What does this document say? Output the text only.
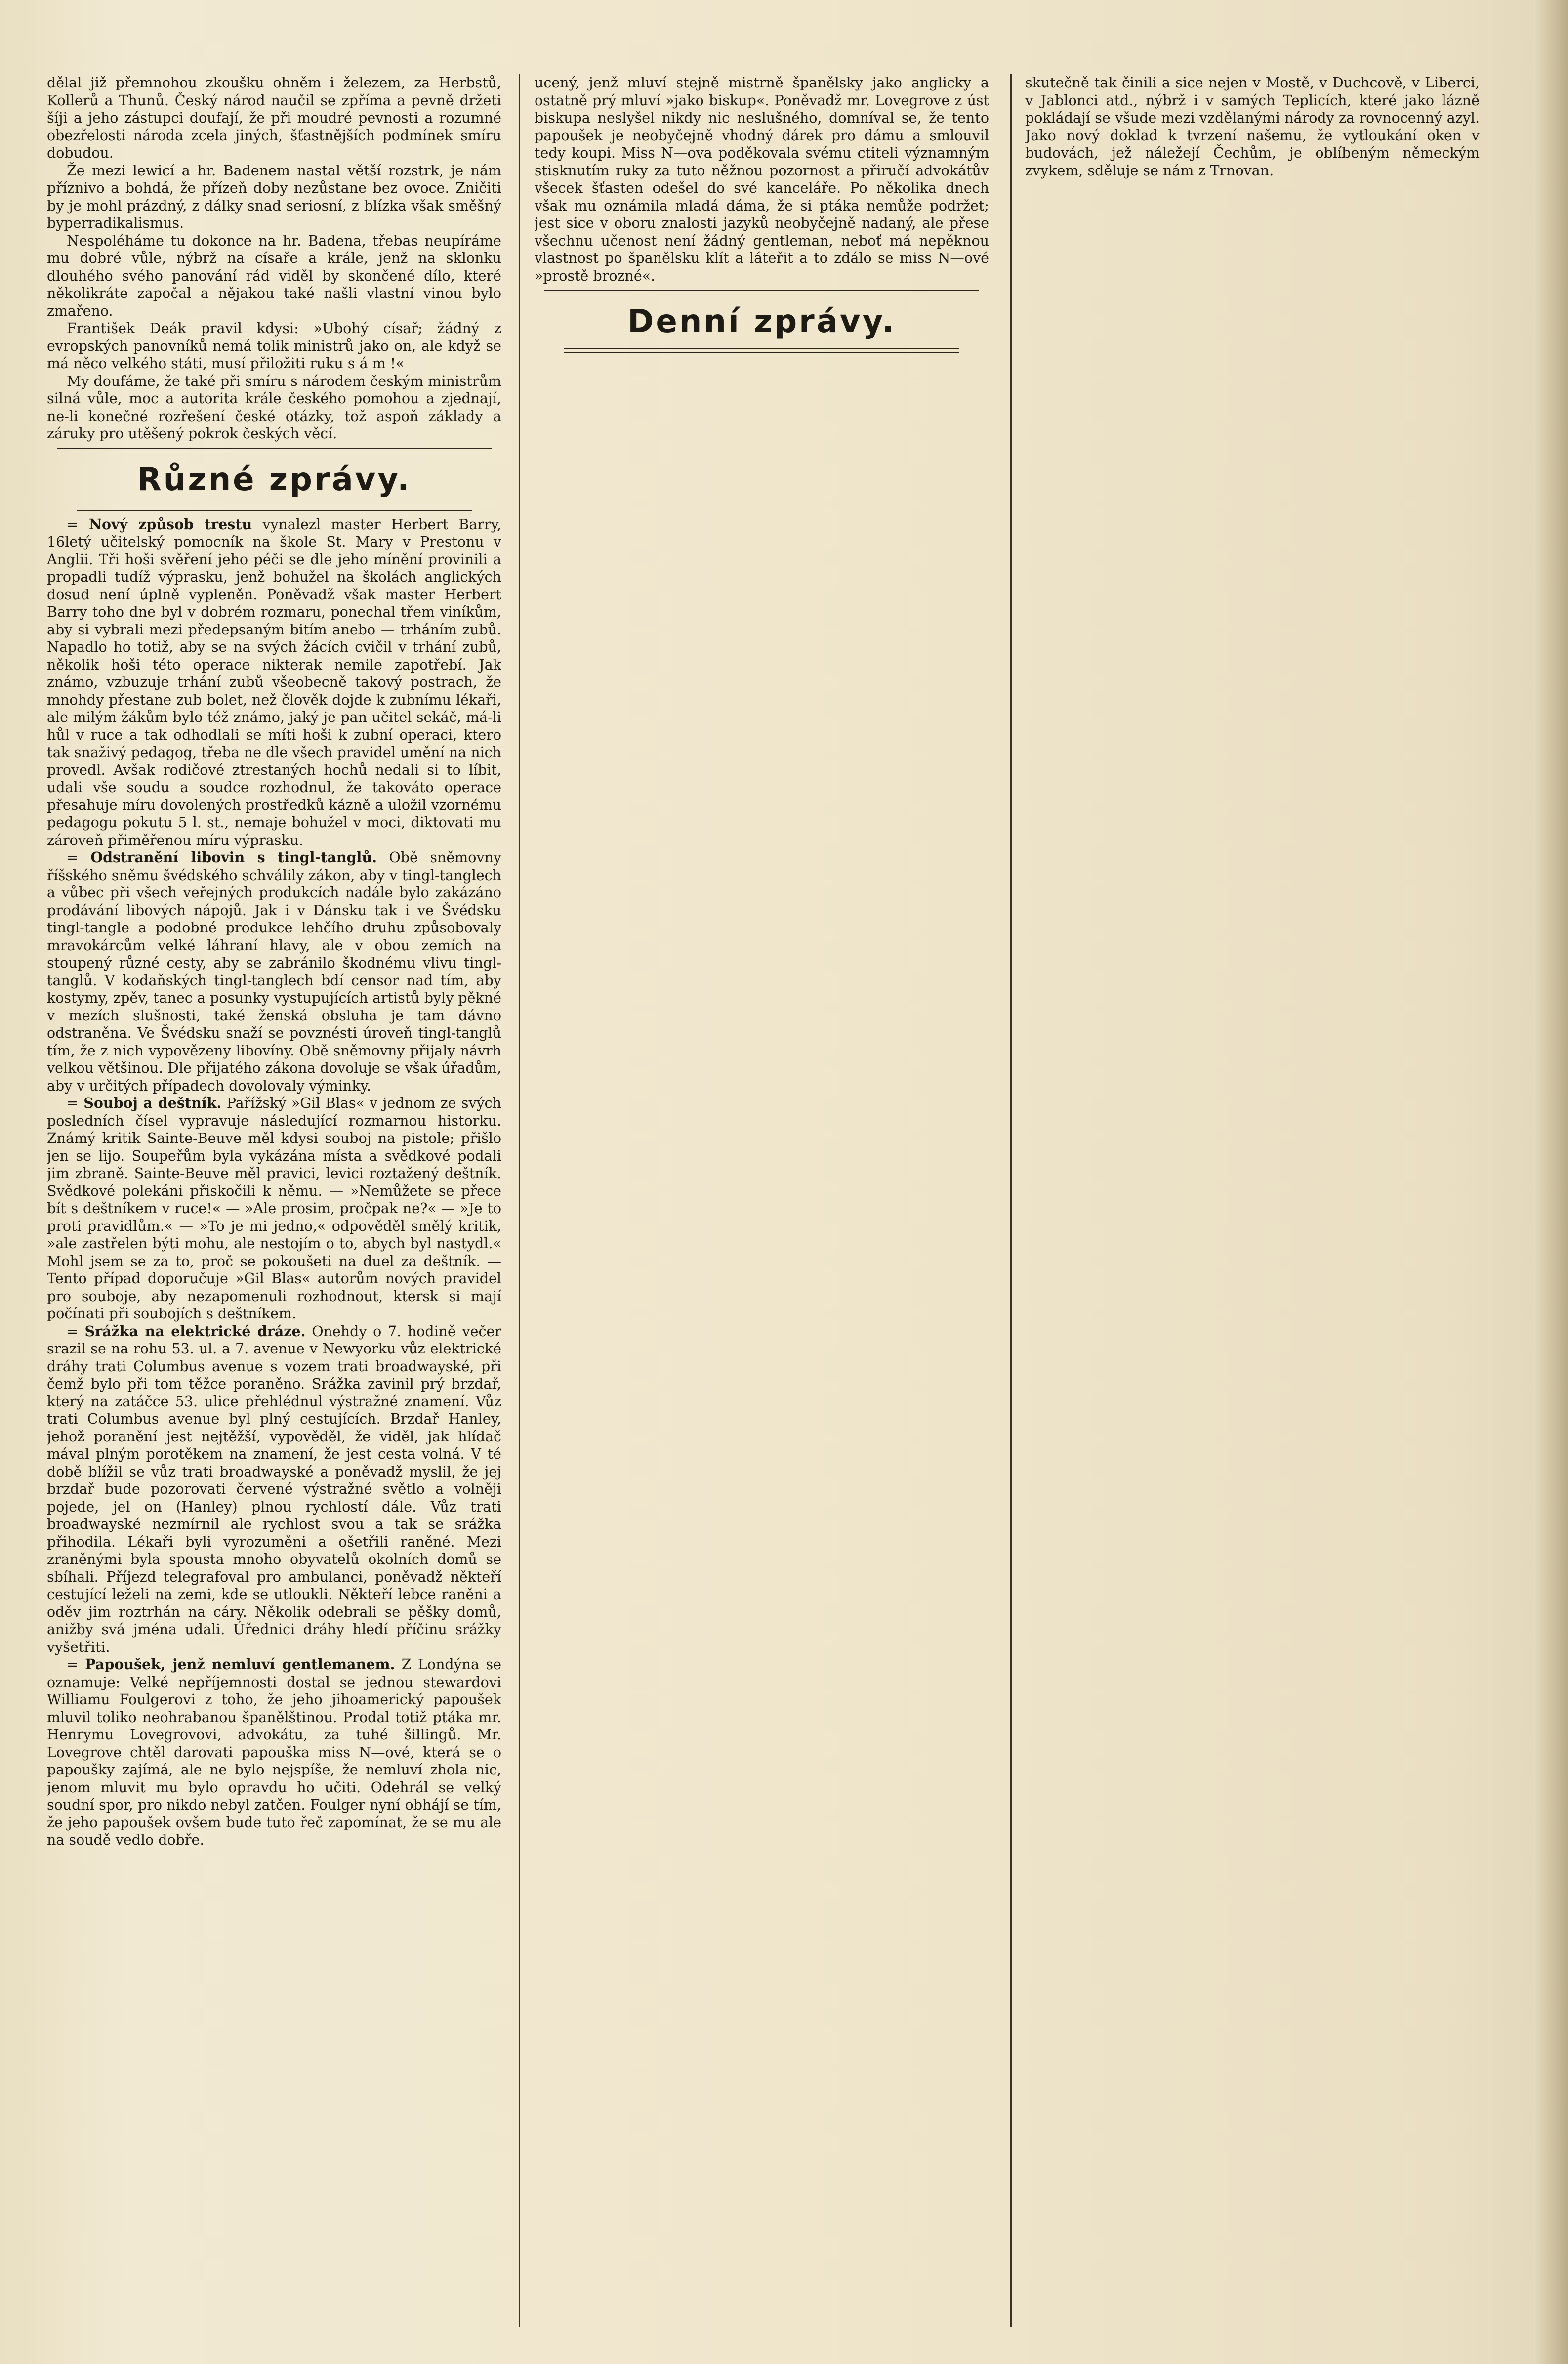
dělal již přemnohou zkoušku ohněm i železem, za Herbstů, Kollerů a Thunů. Český národ naučil se zpříma a pevně držeti šíji a jeho zástupci doufají, že při moudré pevnosti a rozumné obezřelosti národa zcela jiných, šťastnějších podmínek smíru dobudou.

Že mezi lewicí a hr. Badenem nastal větší rozstrk, je nám příznivo a bohdá, že přízeň doby nezůstane bez ovoce. Zničiti by je mohl prázdný, z dálky snad seriosní, z blízka však směšný byperradikalismus.

Nespoléháme tu dokonce na hr. Badena, třebas neupíráme mu dobré vůle, nýbrž na císaře a krále, jenž na sklonku dlouhého svého panování rád viděl by skončené dílo, které několikráte započal a nějakou také našli vlastní vinou bylo zmařeno.

František Deák pravil kdysi: »Ubohý císař; žádný z evropských panovníků nemá tolik ministrů jako on, ale když se má něco velkého státi, musí přiložiti ruku s á m !«

My doufáme, že také při smíru s národem českým ministrům silná vůle, moc a autorita krále českého pomohou a zjednají, ne-li konečné rozřešení české otázky, tož aspoň základy a záruky pro utěšený pokrok českých věcí.

Různé zprávy.

= Nový způsob trestu vynalezl master Herbert Barry, 16letý učitelský pomocník na škole St. Mary v Prestonu v Anglii. Tři hoši svěření jeho péči se dle jeho mínění provinili a propadli tudíž výprasku, jenž bohužel na školách anglických dosud není úplně vypleněn. Poněvadž však master Herbert Barry toho dne byl v dobrém rozmaru, ponechal třem viníkům, aby si vybrali mezi předepsaným bitím anebo — trháním zubů. Napadlo ho totiž, aby se na svých žácích cvičil v trhání zubů, několik hoši této operace nikterak nemile zapotřebí. Jak známo, vzbuzuje trhání zubů všeobecně takový postrach, že mnohdy přestane zub bolet, než člověk dojde k zubnímu lékaři, ale milým žákům bylo též známo, jaký je pan učitel sekáč, má-li hůl v ruce a tak odhodlali se míti hoši k zubní operaci, ktero tak snaživý pedagog, třeba ne dle všech pravidel umění na nich provedl. Avšak rodičové ztrestaných hochů nedali si to líbit, udali vše soudu a soudce rozhodnul, že takováto operace přesahuje míru dovolených prostředků kázně a uložil vzornému pedagogu pokutu 5 l. st., nemaje bohužel v moci, diktovati mu zároveň přiměřenou míru výprasku.

= Odstranění libovin s tingl-tanglů. Obě sněmovny říšského sněmu švédského schválily zákon, aby v tingl-tanglech a vůbec při všech veřejných produkcích nadále bylo zakázáno prodávání libových nápojů. Jak i v Dánsku tak i ve Švédsku tingl-tangle a podobné produkce lehčího druhu způsobovaly mravokárcům velké láhraní hlavy, ale v obou zemích na stoupený různé cesty, aby se zabránilo škodnému vlivu tingl-tanglů. V kodaňských tingl-tanglech bdí censor nad tím, aby kostymy, zpěv, tanec a posunky vystupujících artistů byly pěkné v mezích slušnosti, také ženská obsluha je tam dávno odstraněna. Ve Švédsku snaží se povznésti úroveň tingl-tanglů tím, že z nich vypovězeny libovíny. Obě sněmovny přijaly návrh velkou většinou. Dle přijatého zákona dovoluje se však úřadům, aby v určitých případech dovolovaly výminky.

= Souboj a deštník. Pařížský »Gil Blas« v jednom ze svých posledních čísel vypravuje následující rozmarnou historku. Známý kritik Sainte-Beuve měl kdysi souboj na pistole; přišlo jen se lijo. Soupeřům byla vykázána místa a svědkové podali jim zbraně. Sainte-Beuve měl pravici, levici roztažený deštník. Svědkové polekáni přiskočili k němu. — »Nemůžete se přece bít s deštníkem v ruce!« — »Ale prosim, pročpak ne?« — »Je to proti pravidlům.« — »To je mi jedno,« odpověděl smělý kritik, »ale zastřelen býti mohu, ale nestojím o to, abych byl nastydl.« Mohl jsem se za to, proč se pokoušeti na duel za deštník. — Tento případ doporučuje »Gil Blas« autorům nových pravidel pro souboje, aby nezapomenuli rozhodnout, ktersk si mají počínati při soubojích s deštníkem.

= Srážka na elektrické dráze. Onehdy o 7. hodině večer srazil se na rohu 53. ul. a 7. avenue v Newyorku vůz elektrické dráhy trati Columbus avenue s vozem trati broadwayské, při čemž bylo při tom těžce poraněno. Srážka zavinil prý brzdař, který na zatáčce 53. ulice přehlédnul výstražné znamení. Vůz trati Columbus avenue byl plný cestujících. Brzdař Hanley, jehož poranění jest nejtěžší, vypověděl, že viděl, jak hlídač mával plným porotěkem na znamení, že jest cesta volná. V té době blížil se vůz trati broadwayské a poněvadž myslil, že jej brzdař bude pozorovati červené výstražné světlo a volněji pojede, jel on (Hanley) plnou rychlostí dále. Vůz trati broadwayské nezmírnil ale rychlost svou a tak se srážka přihodila. Lékaři byli vyrozuměni a ošetřili raněné. Mezi zraněnými byla spousta mnoho obyvatelů okolních domů se sbíhali. Příjezd telegrafoval pro ambulanci, poněvadž někteří cestující leželi na zemi, kde se utloukli. Někteří lebce raněni a oděv jim roztrhán na cáry. Několik odebrali se pěšky domů, anižby svá jména udali. Úřednici dráhy hledí příčinu srážky vyšetřiti.

= Papoušek, jenž nemluví gentlemanem. Z Londýna se oznamuje: Velké nepříjemnosti dostal se jednou stewardovi Williamu Foulgerovi z toho, že jeho jihoamerický papoušek mluvil toliko neohrabanou španělštinou. Prodal totiž ptáka mr. Henrymu Lovegrovovi, advokátu, za tuhé šillingů. Mr. Lovegrove chtěl darovati papouška miss N—ové, která se o papoušky zajímá, ale ne bylo nejspíše, že nemluví zhola nic, jenom mluvit mu bylo opravdu ho učiti. Odehrál se velký soudní spor, pro nikdo nebyl zatčen. Foulger nyní obhájí se tím, že jeho papoušek ovšem bude tuto řeč zapomínat, že se mu ale na soudě vedlo dobře.

ucený, jenž mluví stejně mistrně španělsky jako anglicky a ostatně prý mluví »jako biskup«. Poněvadž mr. Lovegrove z úst biskupa neslyšel nikdy nic neslušného, domníval se, že tento papoušek je neobyčejně vhodný dárek pro dámu a smlouvil tedy koupi. Miss N—ova poděkovala svému ctiteli významným stisknutím ruky za tuto něžnou pozornost a přiručí advokátův všecek šťasten odešel do své kanceláře. Po několika dnech však mu oznámila mladá dáma, že si ptáka nemůže podržet; jest sice v oboru znalosti jazyků neobyčejně nadaný, ale přese všechnu učenost není žádný gentleman, neboť má nepěknou vlastnost po španělsku klít a láteřit a to zdálo se miss N—ové »prostě brozné«.

Denní zprávy.

skutečně tak činili a sice nejen v Mostě, v Duchcově, v Liberci, v Jablonci atd., nýbrž i v samých Teplicích, které jako lázně pokládají se všude mezi vzdělanými národy za rovnocenný azyl. Jako nový doklad k tvrzení našemu, že vytloukání oken v budovách, jež náležejí Čechům, je oblíbeným německým zvykem, sděluje se nám z Trnovan.
